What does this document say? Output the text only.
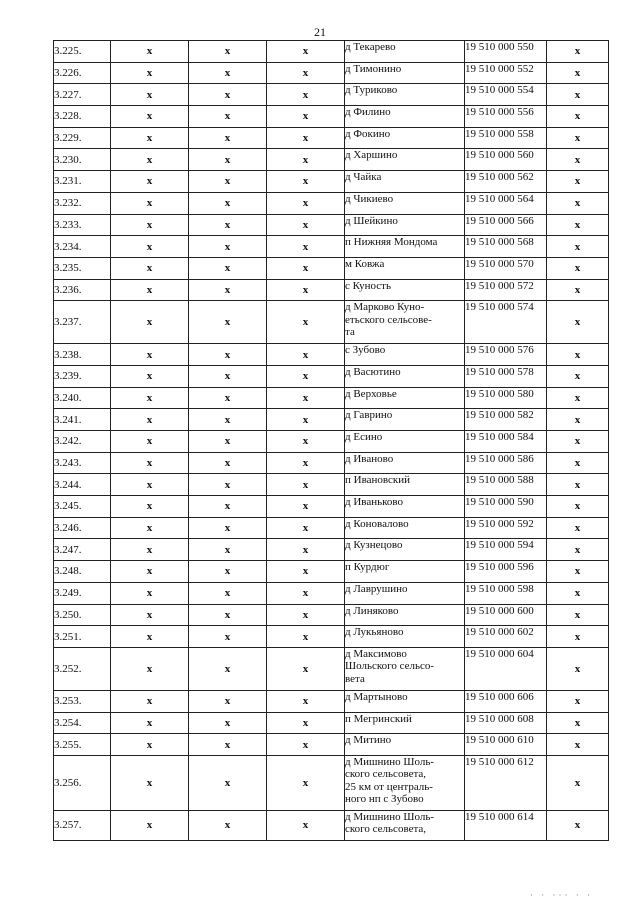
21
3.225.	x	x	x	д Текарево	19 510 000 550	x
3.226.	x	x	x	д Тимонино	19 510 000 552	x
3.227.	x	x	x	д Туриково	19 510 000 554	x
3.228.	x	x	x	д Филино	19 510 000 556	x
3.229.	x	x	x	д Фокино	19 510 000 558	x
3.230.	x	x	x	д Харшино	19 510 000 560	x
3.231.	x	x	x	д Чайка	19 510 000 562	x
3.232.	x	x	x	д Чикиево	19 510 000 564	x
3.233.	x	x	x	д Шейкино	19 510 000 566	x
3.234.	x	x	x	п Нижняя Мондома	19 510 000 568	x
3.235.	x	x	x	м Ковжа	19 510 000 570	x
3.236.	x	x	x	с Куность	19 510 000 572	x
3.237.	x	x	x	д Марково Куно-
етьского сельсове-
та	19 510 000 574	x
3.238.	x	x	x	с Зубово	19 510 000 576	x
3.239.	x	x	x	д Васютино	19 510 000 578	x
3.240.	x	x	x	д Верховье	19 510 000 580	x
3.241.	x	x	x	д Гаврино	19 510 000 582	x
3.242.	x	x	x	д Есино	19 510 000 584	x
3.243.	x	x	x	д Иваново	19 510 000 586	x
3.244.	x	x	x	п Ивановский	19 510 000 588	x
3.245.	x	x	x	д Иваньково	19 510 000 590	x
3.246.	x	x	x	д Коновалово	19 510 000 592	x
3.247.	x	x	x	д Кузнецово	19 510 000 594	x
3.248.	x	x	x	п Курдюг	19 510 000 596	x
3.249.	x	x	x	д Лаврушино	19 510 000 598	x
3.250.	x	x	x	д Линяково	19 510 000 600	x
3.251.	x	x	x	д Лукьяново	19 510 000 602	x
3.252.	x	x	x	д Максимово
Шольского сельсо-
вета	19 510 000 604	x
3.253.	x	x	x	д Мартыново	19 510 000 606	x
3.254.	x	x	x	п Мегринский	19 510 000 608	x
3.255.	x	x	x	д Митино	19 510 000 610	x
3.256.	x	x	x	д Мишнино Шоль-
ского сельсовета,
25 км от централь-
ного нп с Зубово	19 510 000 612	x
3.257.	x	x	x	д Мишнино Шоль-
ского сельсовета,	19 510 000 614	x
· · ··· · ·
